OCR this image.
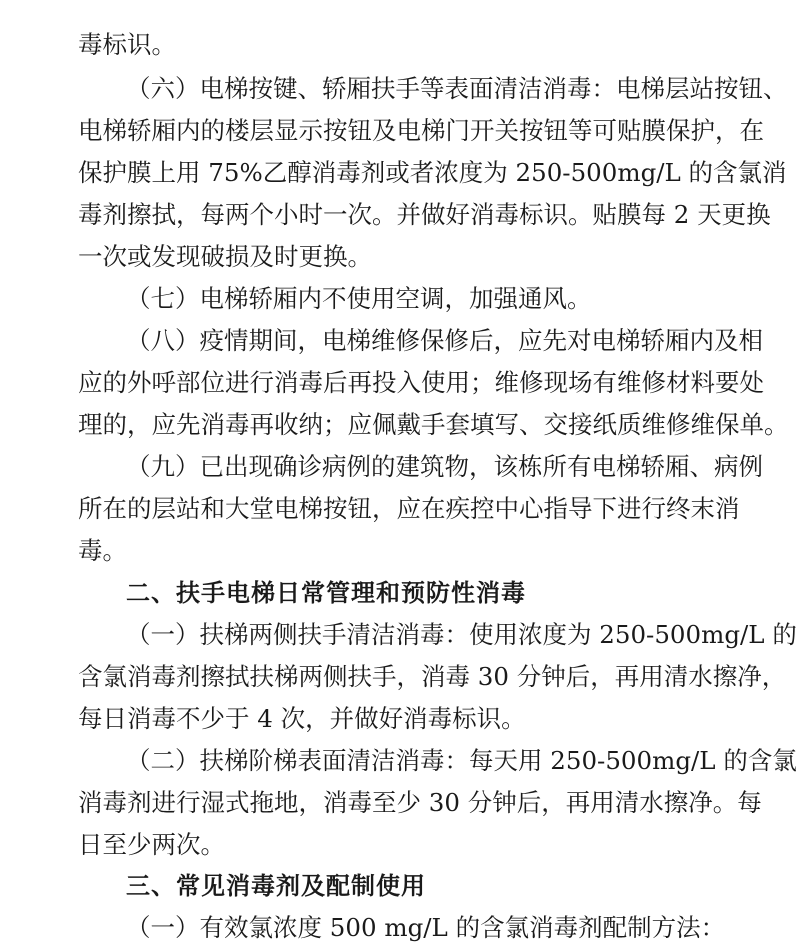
毒标识。
（六）电梯按键、轿厢扶手等表面清洁消毒：电梯层站按钮、
电梯轿厢内的楼层显示按钮及电梯门开关按钮等可贴膜保护，在
保护膜上用 75%乙醇消毒剂或者浓度为 250-500mg/L 的含氯消
毒剂擦拭，每两个小时一次。并做好消毒标识。贴膜每 2 天更换
一次或发现破损及时更换。
（七）电梯轿厢内不使用空调，加强通风。
（八）疫情期间，电梯维修保修后，应先对电梯轿厢内及相
应的外呼部位进行消毒后再投入使用；维修现场有维修材料要处
理的，应先消毒再收纳；应佩戴手套填写、交接纸质维修维保单。
（九）已出现确诊病例的建筑物，该栋所有电梯轿厢、病例
所在的层站和大堂电梯按钮，应在疾控中心指导下进行终末消
毒。
二、扶手电梯日常管理和预防性消毒
（一）扶梯两侧扶手清洁消毒：使用浓度为 250-500mg/L 的
含氯消毒剂擦拭扶梯两侧扶手，消毒 30 分钟后，再用清水擦净，
每日消毒不少于 4 次，并做好消毒标识。
（二）扶梯阶梯表面清洁消毒：每天用 250-500mg/L 的含氯
消毒剂进行湿式拖地，消毒至少 30 分钟后，再用清水擦净。每
日至少两次。
三、常见消毒剂及配制使用
（一）有效氯浓度 500 mg/L 的含氯消毒剂配制方法：
